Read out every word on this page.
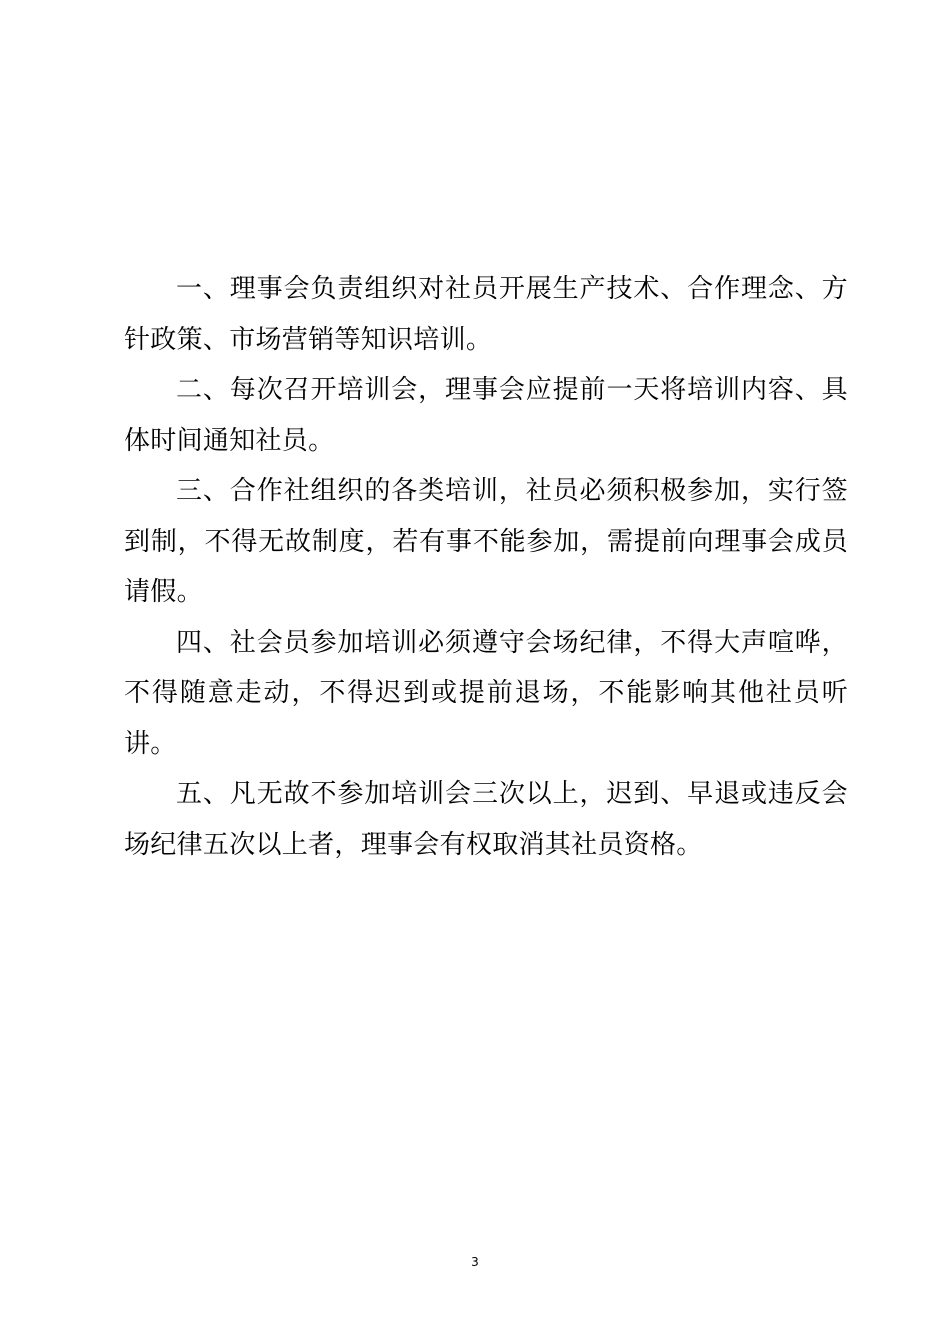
一、理事会负责组织对社员开展生产技术、合作理念、方针政策、市场营销等知识培训。

二、每次召开培训会，理事会应提前一天将培训内容、具体时间通知社员。

三、合作社组织的各类培训，社员必须积极参加，实行签到制，不得无故制度，若有事不能参加，需提前向理事会成员请假。

四、社会员参加培训必须遵守会场纪律，不得大声喧哗，不得随意走动，不得迟到或提前退场，不能影响其他社员听讲。

五、凡无故不参加培训会三次以上，迟到、早退或违反会场纪律五次以上者，理事会有权取消其社员资格。

3
